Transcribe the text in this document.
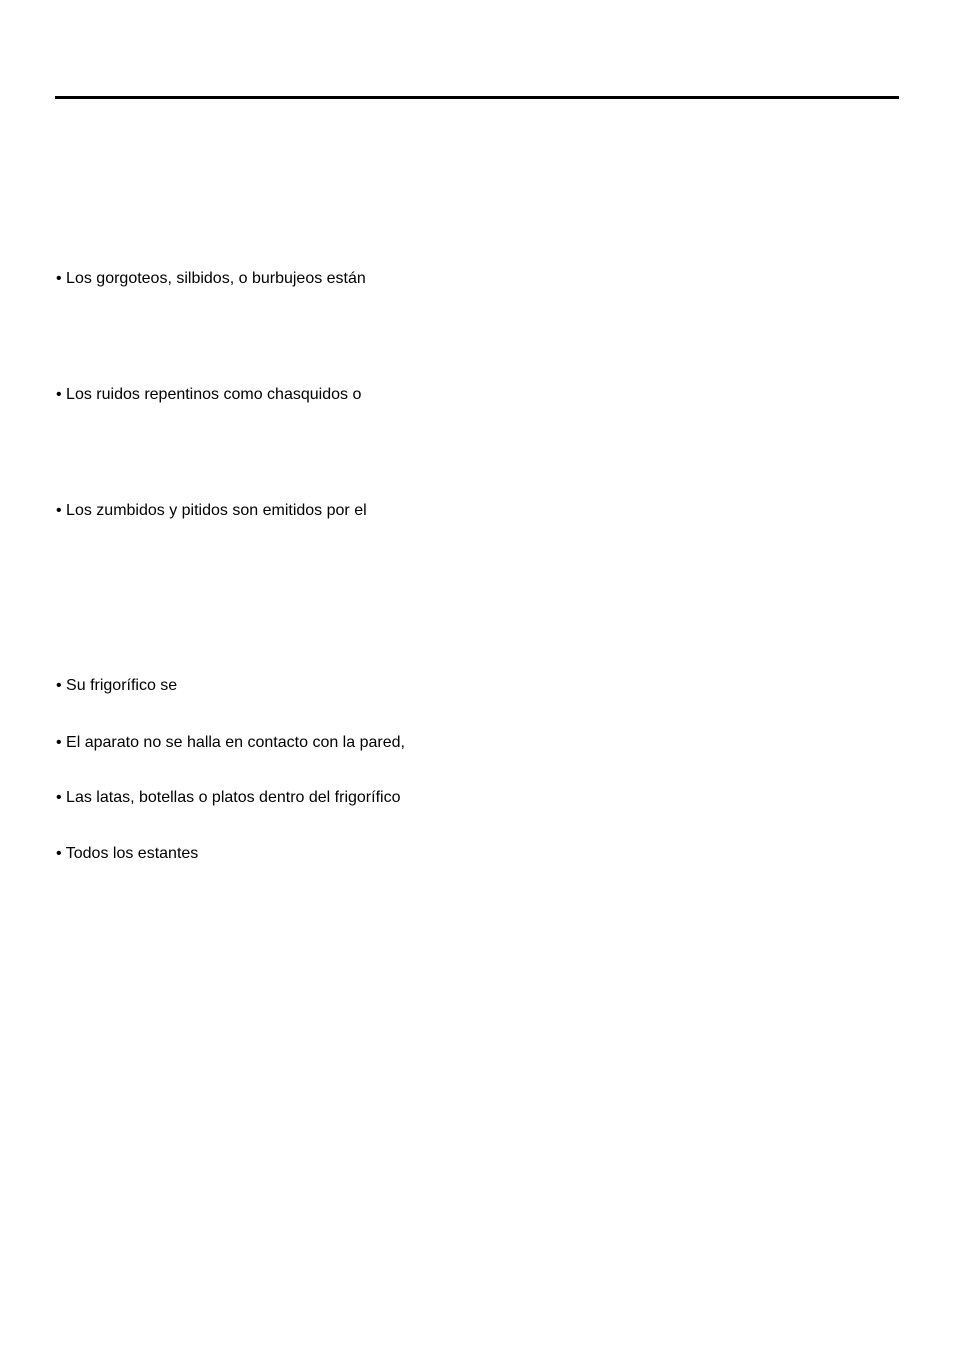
• Los gorgoteos, silbidos, o burbujeos están
• Los ruidos repentinos como chasquidos o
• Los zumbidos y pitidos son emitidos por el
• Su frigorífico se
• El aparato no se halla en contacto con la pared,
• Las latas, botellas o platos dentro del frigorífico
• Todos los estantes
